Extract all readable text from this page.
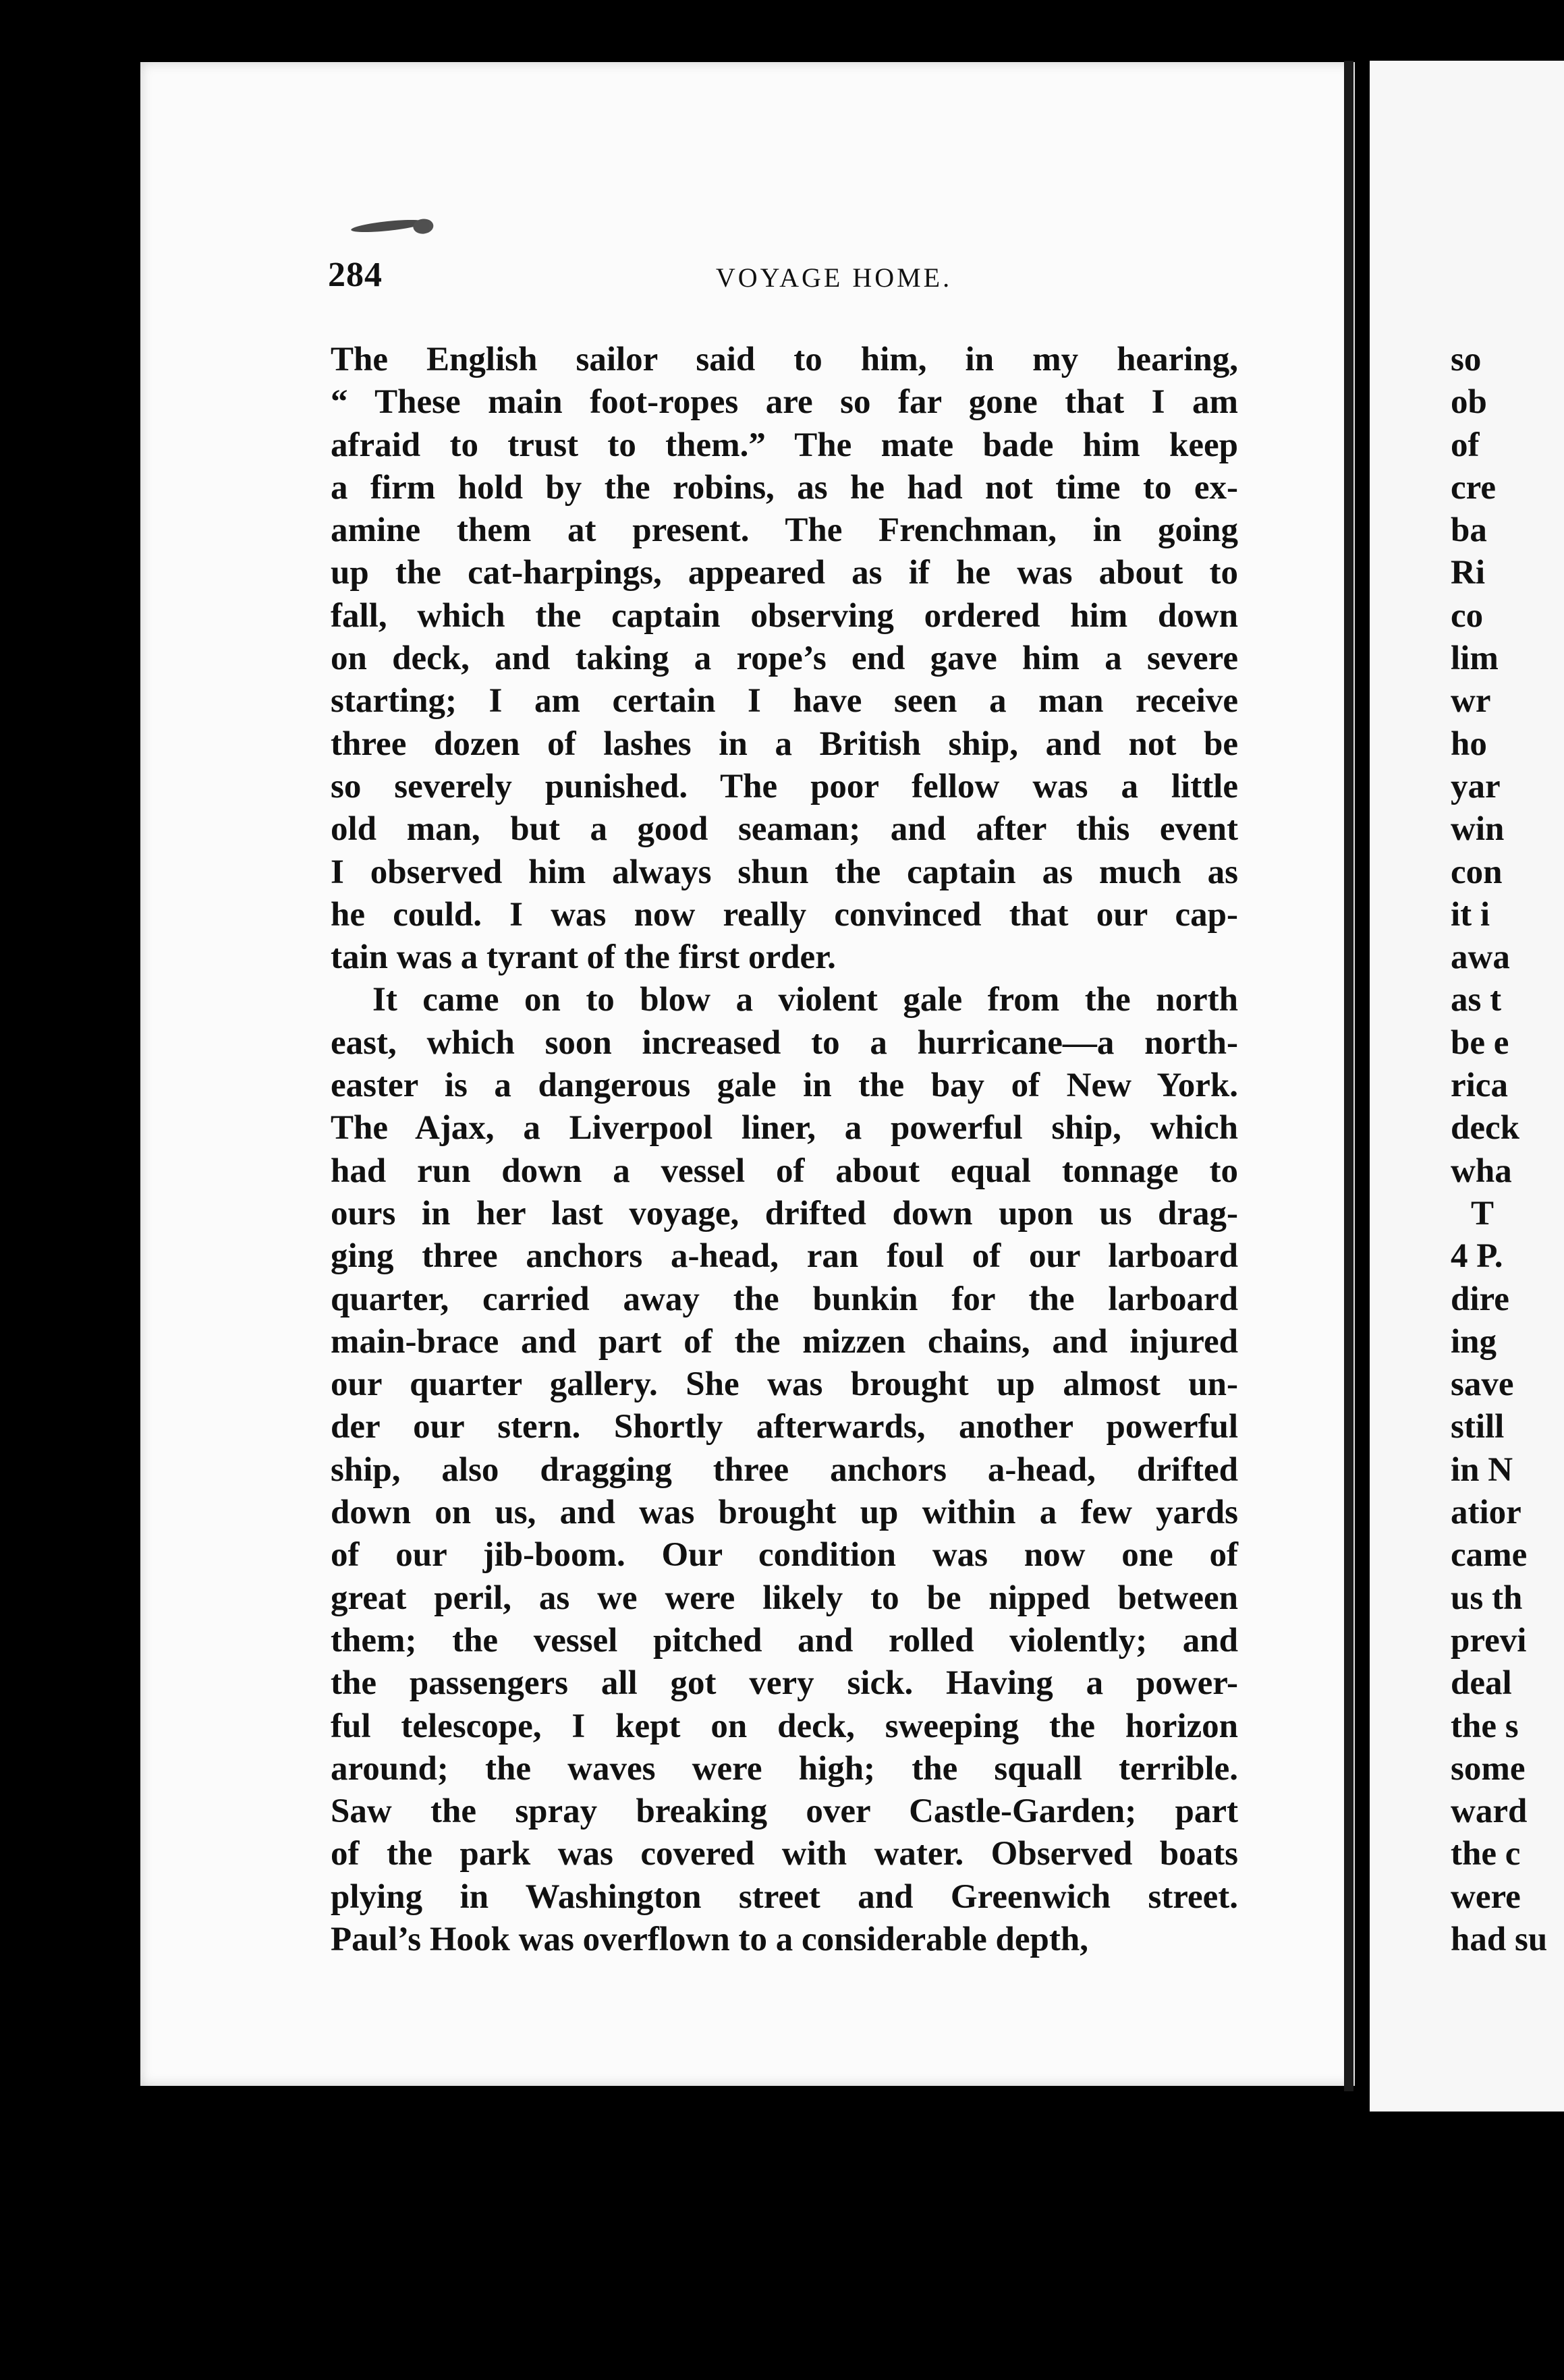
284	VOYAGE HOME.
The English sailor said to him, in my hearing,
“ These main foot-ropes are so far gone that I am
afraid to trust to them.” The mate bade him keep
a firm hold by the robins, as he had not time to ex-
amine them at present. The Frenchman, in going
up the cat-harpings, appeared as if he was about to
fall, which the captain observing ordered him down
on deck, and taking a rope’s end gave him a severe
starting; I am certain I have seen a man receive
three dozen of lashes in a British ship, and not be
so severely punished. The poor fellow was a little
old man, but a good seaman; and after this event
I observed him always shun the captain as much as
he could. I was now really convinced that our cap-
tain was a tyrant of the first order.
It came on to blow a violent gale from the north
east, which soon increased to a hurricane—a north-
easter is a dangerous gale in the bay of New York.
The Ajax, a Liverpool liner, a powerful ship, which
had run down a vessel of about equal tonnage to
ours in her last voyage, drifted down upon us drag-
ging three anchors a-head, ran foul of our larboard
quarter, carried away the bunkin for the larboard
main-brace and part of the mizzen chains, and injured
our quarter gallery. She was brought up almost un-
der our stern. Shortly afterwards, another powerful
ship, also dragging three anchors a-head, drifted
down on us, and was brought up within a few yards
of our jib-boom. Our condition was now one of
great peril, as we were likely to be nipped between
them; the vessel pitched and rolled violently; and
the passengers all got very sick. Having a power-
ful telescope, I kept on deck, sweeping the horizon
around; the waves were high; the squall terrible.
Saw the spray breaking over Castle-Garden; part
of the park was covered with water. Observed boats
plying in Washington street and Greenwich street.
Paul’s Hook was overflown to a considerable depth,
so
ob
of
cre
ba
Ri
co
lim
wr
ho
yar
win
con
it i
awa
as t
be e
rica
deck
wha
T
4 P.
dire
ing
save
still
in N
atior
came
us th
previ
deal
the s
some
ward
the c
were
had su
